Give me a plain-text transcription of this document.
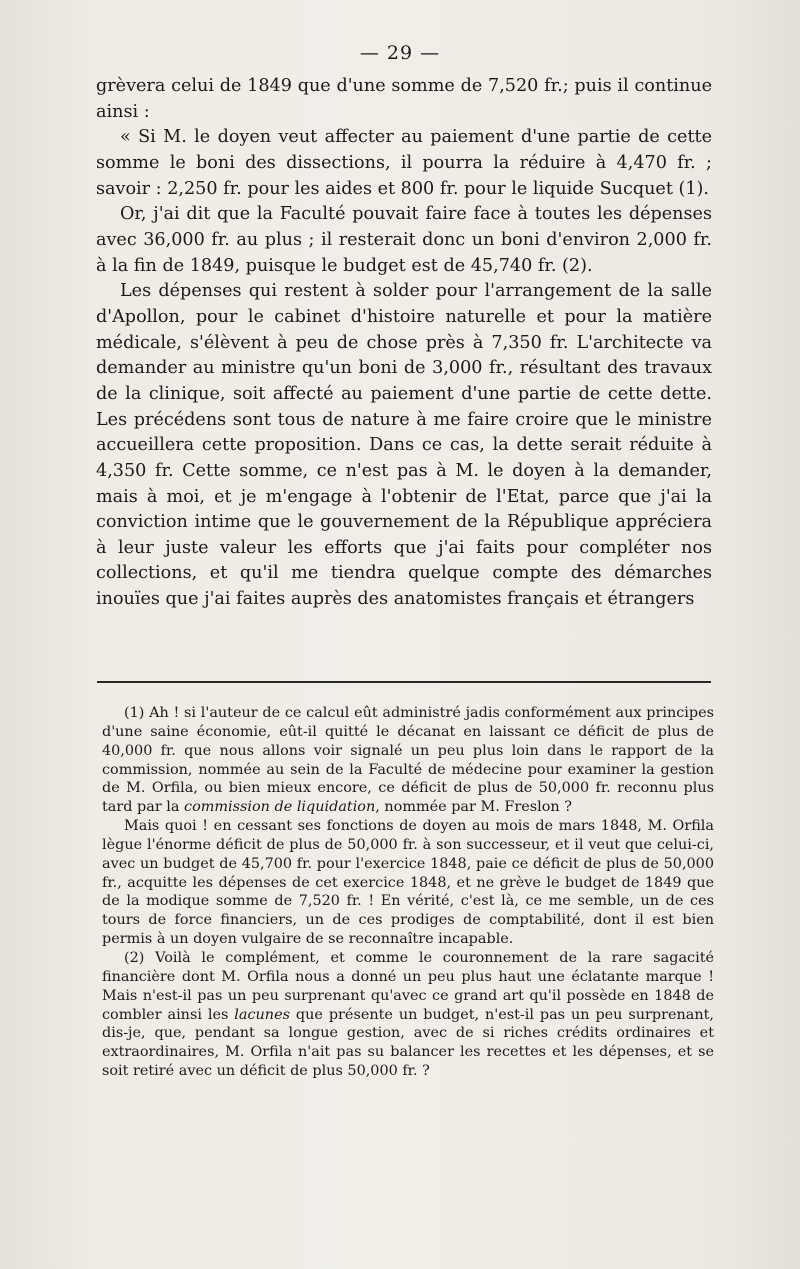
— 29 —

grèvera celui de 1849 que d'une somme de 7,520 fr.; puis il continue ainsi :

« Si M. le doyen veut affecter au paiement d'une partie de cette somme le boni des dissections, il pourra la réduire à 4,470 fr. ; savoir : 2,250 fr. pour les aides et 800 fr. pour le liquide Sucquet (1).

Or, j'ai dit que la Faculté pouvait faire face à toutes les dépenses avec 36,000 fr. au plus ; il resterait donc un boni d'environ 2,000 fr. à la fin de 1849, puisque le budget est de 45,740 fr. (2).

Les dépenses qui restent à solder pour l'arrangement de la salle d'Apollon, pour le cabinet d'histoire naturelle et pour la matière médicale, s'élèvent à peu de chose près à 7,350 fr. L'architecte va demander au ministre qu'un boni de 3,000 fr., résultant des travaux de la clinique, soit affecté au paiement d'une partie de cette dette. Les précédens sont tous de nature à me faire croire que le ministre accueillera cette proposition. Dans ce cas, la dette serait réduite à 4,350 fr. Cette somme, ce n'est pas à M. le doyen à la demander, mais à moi, et je m'engage à l'obtenir de l'Etat, parce que j'ai la conviction intime que le gouvernement de la République appréciera à leur juste valeur les efforts que j'ai faits pour compléter nos collections, et qu'il me tiendra quelque compte des démarches inouïes que j'ai faites auprès des anatomistes français et étrangers

(1) Ah ! si l'auteur de ce calcul eût administré jadis conformément aux principes d'une saine économie, eût-il quitté le décanat en laissant ce déficit de plus de 40,000 fr. que nous allons voir signalé un peu plus loin dans le rapport de la commission, nommée au sein de la Faculté de médecine pour examiner la gestion de M. Orfila, ou bien mieux encore, ce déficit de plus de 50,000 fr. reconnu plus tard par la commission de liquidation, nommée par M. Freslon ?

Mais quoi ! en cessant ses fonctions de doyen au mois de mars 1848, M. Orfila lègue l'énorme déficit de plus de 50,000 fr. à son successeur, et il veut que celui-ci, avec un budget de 45,700 fr. pour l'exercice 1848, paie ce déficit de plus de 50,000 fr., acquitte les dépenses de cet exercice 1848, et ne grève le budget de 1849 que de la modique somme de 7,520 fr. ! En vérité, c'est là, ce me semble, un de ces tours de force financiers, un de ces prodiges de comptabilité, dont il est bien permis à un doyen vulgaire de se reconnaître incapable.

(2) Voilà le complément, et comme le couronnement de la rare sagacité financière dont M. Orfila nous a donné un peu plus haut une éclatante marque ! Mais n'est-il pas un peu surprenant qu'avec ce grand art qu'il possède en 1848 de combler ainsi les lacunes que présente un budget, n'est-il pas un peu surprenant, dis-je, que, pendant sa longue gestion, avec de si riches crédits ordinaires et extraordinaires, M. Orfila n'ait pas su balancer les recettes et les dépenses, et se soit retiré avec un déficit de plus 50,000 fr. ?
